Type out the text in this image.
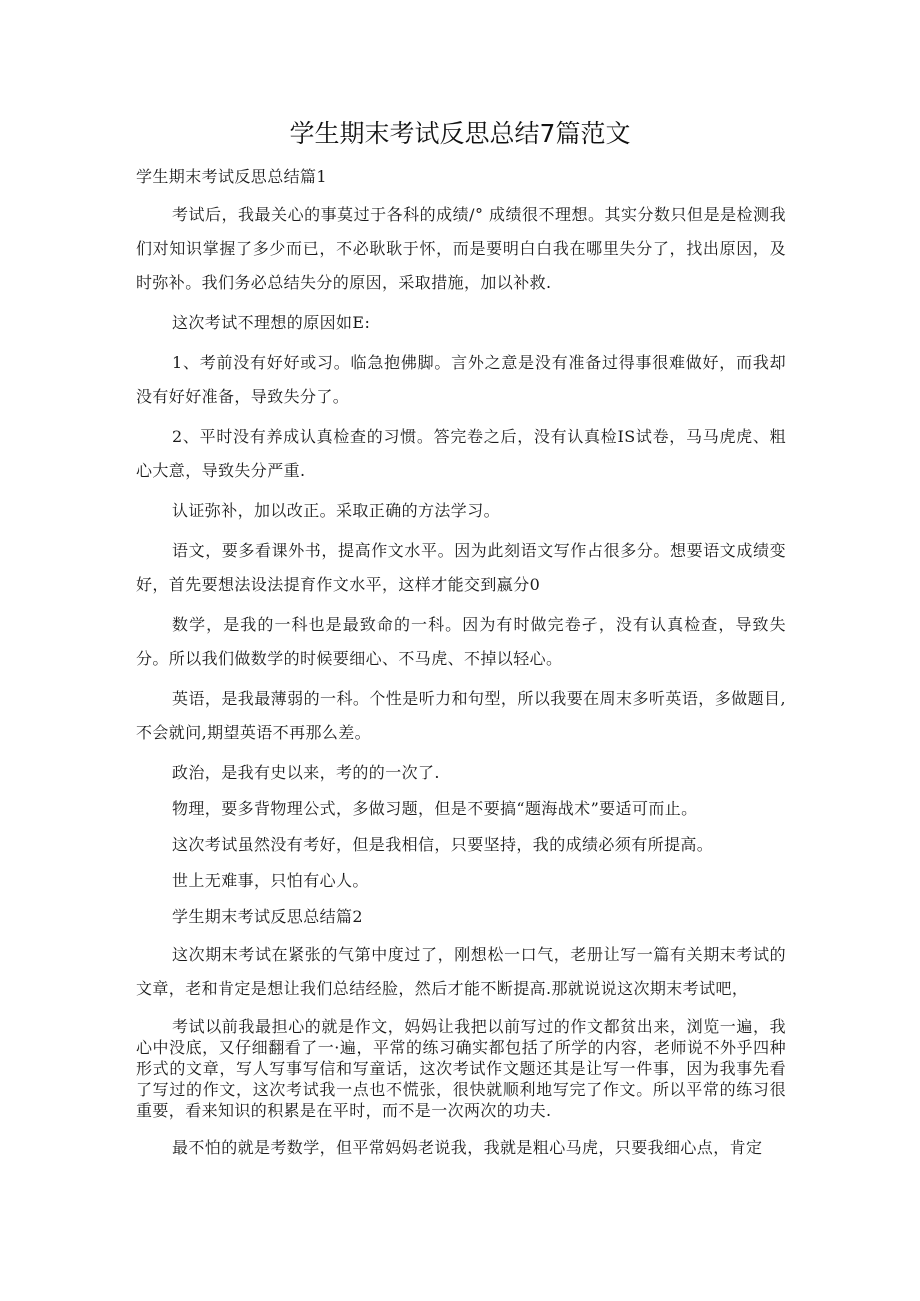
学生期末考试反思总结7篇范文

学生期末考试反思总结篇1

考试后，我最关心的事莫过于各科的成绩/° 成绩很不理想。其实分数只但是是检测我们对知识掌握了多少而已，不必耿耿于怀，而是要明白白我在哪里失分了，找出原因，及时弥补。我们务必总结失分的原因，采取措施，加以补救.

这次考试不理想的原因如E:

1、考前没有好好或习。临急抱佛脚。言外之意是没有准备过得事很难做好，而我却没有好好准备，导致失分了。

2、平时没有养成认真检查的习惯。答完卷之后，没有认真检IS试卷，马马虎虎、粗心大意，导致失分严重.

认证弥补，加以改正。采取正确的方法学习。

语文，要多看课外书，提高作文水平。因为此刻语文写作占很多分。想要语文成绩变好，首先要想法设法提育作文水平，这样才能交到嬴分0

数学，是我的一科也是最致命的一科。因为有时做完卷孑，没有认真检查，导致失分。所以我们做数学的时候要细心、不马虎、不掉以轻心。

英语，是我最薄弱的一科。个性是听力和句型，所以我要在周末多听英语，多做题目,不会就问,期望英语不再那么差。

政治，是我有史以来，考的的一次了.

物理，要多背物理公式，多做习题，但是不要搞“题海战术”要适可而止。

这次考试虽然没有考好，但是我相信，只要坚持，我的成绩必须有所提高。

世上无难事，只怕有心人。

学生期末考试反思总结篇2

这次期末考试在紧张的气第中度过了，刚想松一口气，老册让写一篇有关期末考试的文章，老和肯定是想让我们总结经脸，然后才能不断提高.那就说说这次期末考试吧，

考试以前我最担心的就是作文，妈妈让我把以前写过的作文都贫出来，浏览一遍，我心中没底，又仔细翻看了一·遍，平常的练习确实都包括了所学的内容，老师说不外乎四种形式的文章，写人写事写信和写童话，这次考试作文题还其是让写一件事，因为我事先看了写过的作文，这次考试我一点也不慌张，很快就顺利地写完了作文。所以平常的练习很重要，看来知识的积累是在平时，而不是一次两次的功夫.

最不怕的就是考数学，但平常妈妈老说我，我就是粗心马虎，只要我细心点，肯定
